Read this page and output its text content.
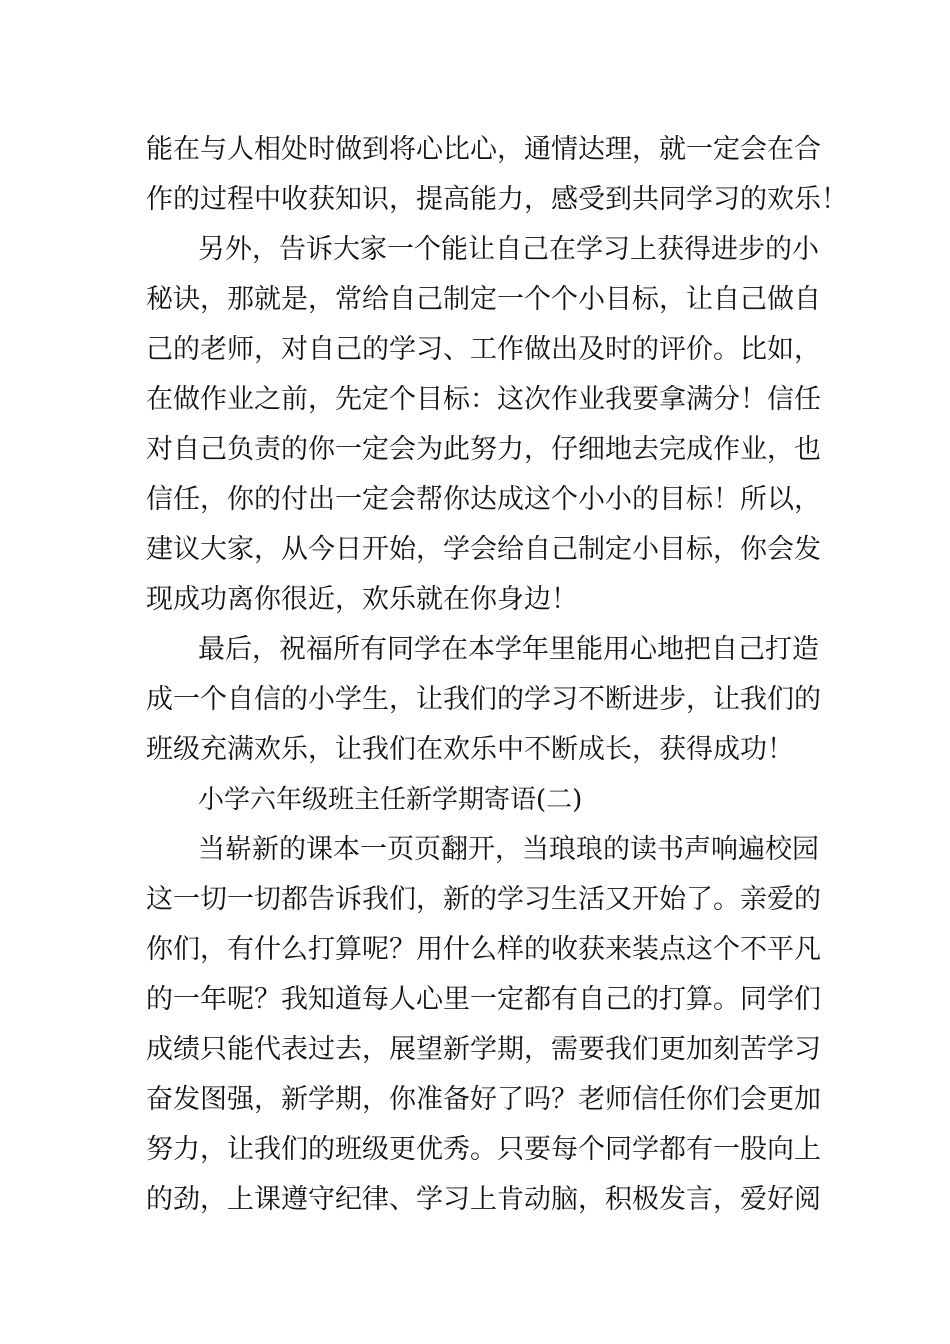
能在与人相处时做到将心比心，通情达理，就一定会在合
作的过程中收获知识，提高能力，感受到共同学习的欢乐！
另外，告诉大家一个能让自己在学习上获得进步的小
秘诀，那就是，常给自己制定一个个小目标，让自己做自
己的老师，对自己的学习、工作做出及时的评价。比如，
在做作业之前，先定个目标：这次作业我要拿满分！信任
对自己负责的你一定会为此努力，仔细地去完成作业，也
信任，你的付出一定会帮你达成这个小小的目标！所以，
建议大家，从今日开始，学会给自己制定小目标，你会发
现成功离你很近，欢乐就在你身边！
最后，祝福所有同学在本学年里能用心地把自己打造
成一个自信的小学生，让我们的学习不断进步，让我们的
班级充满欢乐，让我们在欢乐中不断成长，获得成功！
小学六年级班主任新学期寄语(二)
当崭新的课本一页页翻开，当琅琅的读书声响遍校园
这一切一切都告诉我们，新的学习生活又开始了。亲爱的
你们，有什么打算呢？用什么样的收获来装点这个不平凡
的一年呢？我知道每人心里一定都有自己的打算。同学们
成绩只能代表过去，展望新学期，需要我们更加刻苦学习
奋发图强，新学期，你准备好了吗？老师信任你们会更加
努力，让我们的班级更优秀。只要每个同学都有一股向上
的劲，上课遵守纪律、学习上肯动脑，积极发言，爱好阅
